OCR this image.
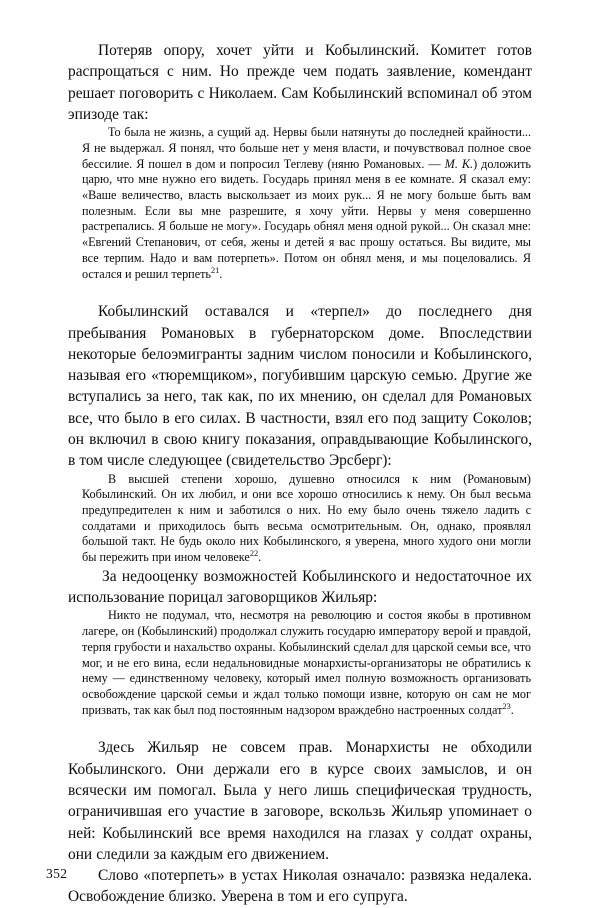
Потеряв опору, хочет уйти и Кобылинский. Комитет готов распрощаться с ним. Но прежде чем подать заявление, комендант решает поговорить с Николаем. Сам Кобылинский вспоминал об этом эпизоде так:

То была не жизнь, а сущий ад. Нервы были натянуты до последней крайности... Я не выдержал. Я понял, что больше нет у меня власти, и почувствовал полное свое бессилие. Я пошел в дом и попросил Теглеву (няню Романовых. — М. К.) доложить царю, что мне нужно его видеть. Государь принял меня в ее комнате. Я сказал ему: «Ваше величество, власть выскользает из моих рук... Я не могу больше быть вам полезным. Если вы мне разрешите, я хочу уйти. Нервы у меня совершенно растрепались. Я больше не могу». Государь обнял меня одной рукой... Он сказал мне: «Евгений Степанович, от себя, жены и детей я вас прошу остаться. Вы видите, мы все терпим. Надо и вам потерпеть». Потом он обнял меня, и мы поцеловались. Я остался и решил терпеть$^{21}$.

Кобылинский оставался и «терпел» до последнего дня пребывания Романовых в губернаторском доме. Впоследствии некоторые белоэмигранты задним числом поносили и Кобылинского, называя его «тюремщиком», погубившим царскую семью. Другие же вступались за него, так как, по их мнению, он сделал для Романовых все, что было в его силах. В частности, взял его под защиту Соколов; он включил в свою книгу показания, оправдывающие Кобылинского, в том числе следующее (свидетельство Эрсберг):

В высшей степени хорошо, душевно относился к ним (Романовым) Кобылинский. Он их любил, и они все хорошо относились к нему. Он был весьма предупредителен к ним и заботился о них. Но ему было очень тяжело ладить с солдатами и приходилось быть весьма осмотрительным. Он, однако, проявлял большой такт. Не будь около них Кобылинского, я уверена, много худого они могли бы пережить при ином человеке$^{22}$.

За недооценку возможностей Кобылинского и недостаточное их использование порицал заговорщиков Жильяр:

Никто не подумал, что, несмотря на революцию и состоя якобы в противном лагере, он (Кобылинский) продолжал служить государю императору верой и правдой, терпя грубости и нахальство охраны. Кобылинский сделал для царской семьи все, что мог, и не его вина, если недальновидные монархисты-организаторы не обратились к нему — единственному человеку, который имел полную возможность организовать освобождение царской семьи и ждал только помощи извне, которую он сам не мог призвать, так как был под постоянным надзором враждебно настроенных солдат$^{23}$.

Здесь Жильяр не совсем прав. Монархисты не обходили Кобылинского. Они держали его в курсе своих замыслов, и он всячески им помогал. Была у него лишь специфическая трудность, ограничившая его участие в заговоре, вскользь Жильяр упоминает о ней: Кобылинский все время находился на глазах у солдат охраны, они следили за каждым его движением.

Слово «потерпеть» в устах Николая означало: развязка недалека. Освобождение близко. Уверена в том и его супруга.

352
